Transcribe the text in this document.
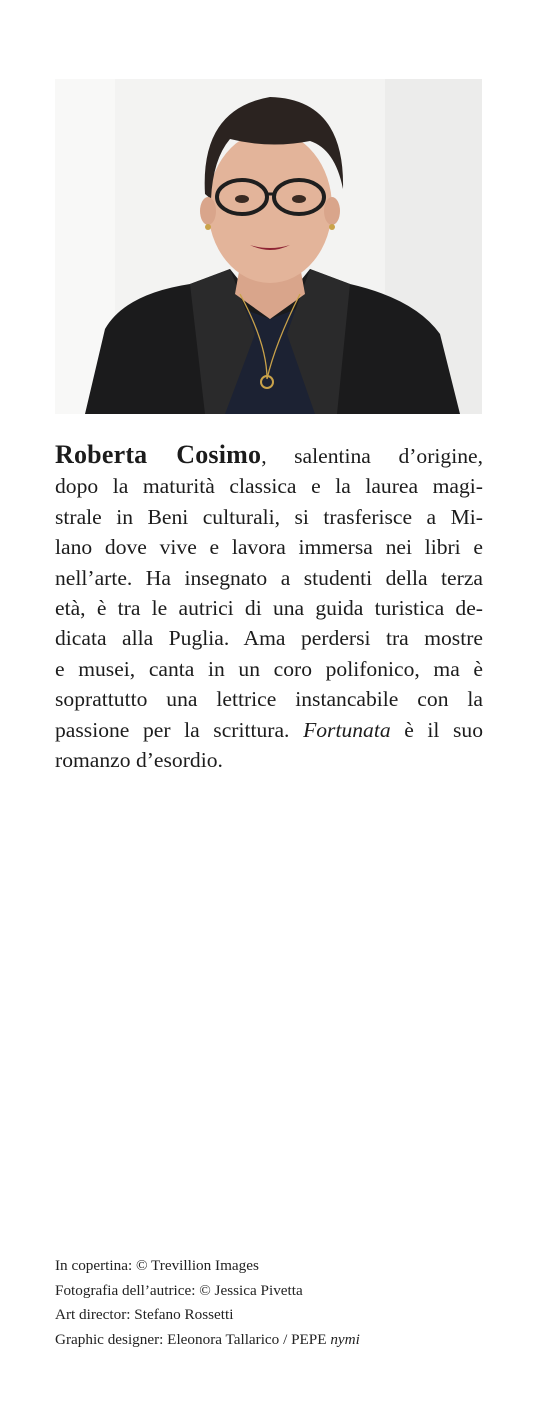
Roberta Cosimo, salentina d’origine,
dopo la maturità classica e la laurea magi-
strale in Beni culturali, si trasferisce a Mi-
lano dove vive e lavora immersa nei libri e
nell’arte. Ha insegnato a studenti della terza
età, è tra le autrici di una guida turistica de-
dicata alla Puglia. Ama perdersi tra mostre
e musei, canta in un coro polifonico, ma è
soprattutto una lettrice instancabile con la
passione per la scrittura. Fortunata è il suo
romanzo d’esordio.
In copertina: © Trevillion Images
Fotografia dell’autrice: © Jessica Pivetta
Art director: Stefano Rossetti
Graphic designer: Eleonora Tallarico / PEPE nymi
